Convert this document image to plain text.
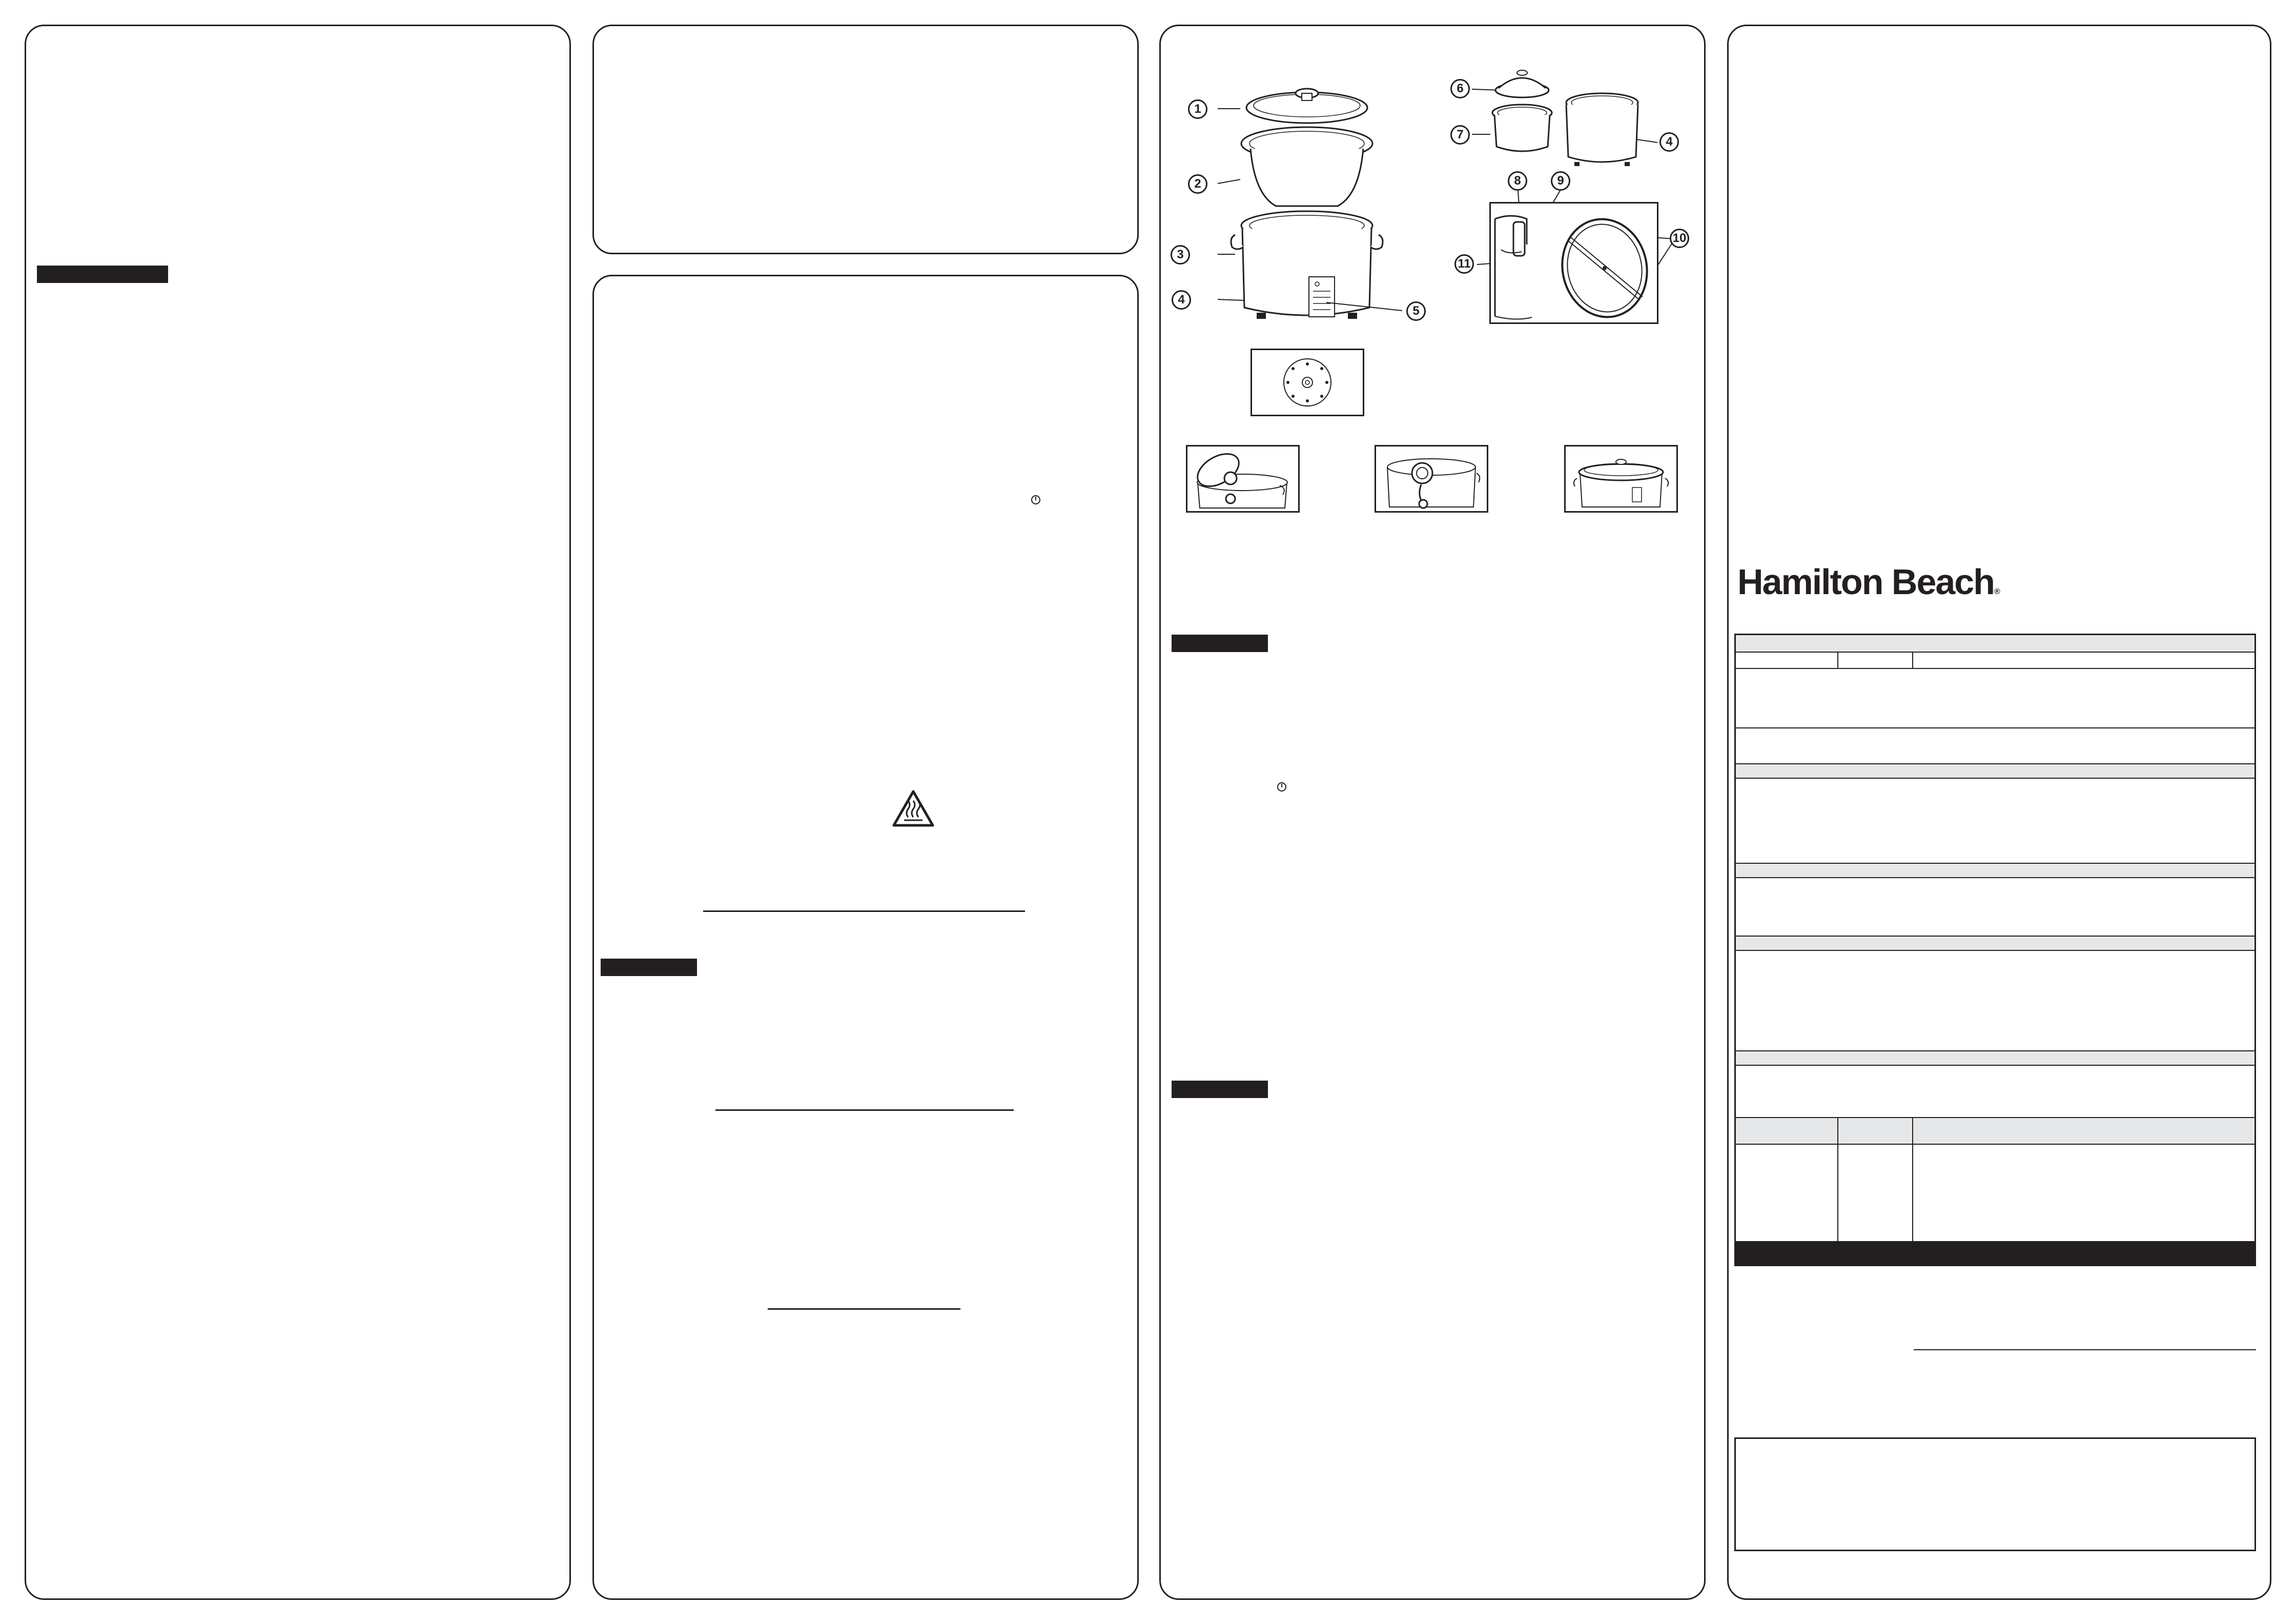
1
2
3
4
5
6
7
4
8	9
11
10
Hamilton Beach®
